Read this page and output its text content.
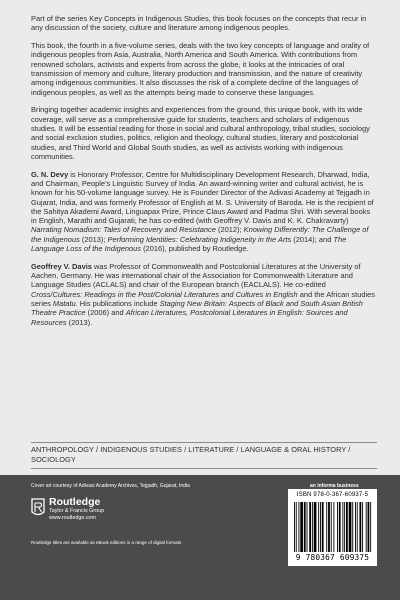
Part of the series Key Concepts in Indigenous Studies, this book focuses on the concepts that recur in any discussion of the society, culture and literature among indigenous peoples.

This book, the fourth in a five-volume series, deals with the two key concepts of language and orality of indigenous peoples from Asia, Australia, North America and South America. With contributions from renowned scholars, activists and experts from across the globe, it looks at the intricacies of oral transmission of memory and culture, literary production and transmission, and the nature of creativity among indigenous communities. It also discusses the risk of a complete decline of the languages of indigenous peoples, as well as the attempts being made to conserve these languages.

Bringing together academic insights and experiences from the ground, this unique book, with its wide coverage, will serve as a comprehensive guide for students, teachers and scholars of indigenous studies. It will be essential reading for those in social and cultural anthropology, tribal studies, sociology and social exclusion studies, politics, religion and theology, cultural studies, literary and postcolonial studies, and Third World and Global South studies, as well as activists working with indigenous communities.

G. N. Devy is Honorary Professor, Centre for Multidisciplinary Development Research, Dharwad, India, and Chairman, People’s Linguistic Survey of India. An award-winning writer and cultural activist, he is known for his 50-volume language survey. He is Founder Director of the Adivasi Academy at Tejgadh in Gujarat, India, and was formerly Professor of English at M. S. University of Baroda. He is the recipient of the Sahitya Akademi Award, Linguapax Prize, Prince Claus Award and Padma Shri. With several books in English, Marathi and Gujarati, he has co-edited (with Geoffrey V. Davis and K. K. Chakravarty) Narrating Nomadism: Tales of Recovery and Resistance (2012); Knowing Differently: The Challenge of the Indigenous (2013); Performing Identities: Celebrating Indigeneity in the Arts (2014); and The Language Loss of the Indigenous (2016), published by Routledge.

Geoffrey V. Davis was Professor of Commonwealth and Postcolonial Literatures at the University of Aachen, Germany. He was international chair of the Association for Commonwealth Literature and Language Studies (ACLALS) and chair of the European branch (EACLALS). He co-edited Cross/Cultures: Readings in the Post/Colonial Literatures and Cultures in English and the African studies series Matatu. His publications include Staging New Britain: Aspects of Black and South Asian British Theatre Practice (2006) and African Literatures, Postcolonial Literatures in English: Sources and Resources (2013).

ANTHROPOLOGY / INDIGENOUS STUDIES / LITERATURE / LANGUAGE & ORAL HISTORY / SOCIOLOGY
Cover art courtesy of Adivasi Academy Archives, Tejgadh, Gujarat, India
Routledge
Taylor & Francis Group
www.routledge.com
Routledge titles are available as eBook editions in a range of digital formats
an informa business
ISBN 978-0-367-60937-5
9 780367 609375
